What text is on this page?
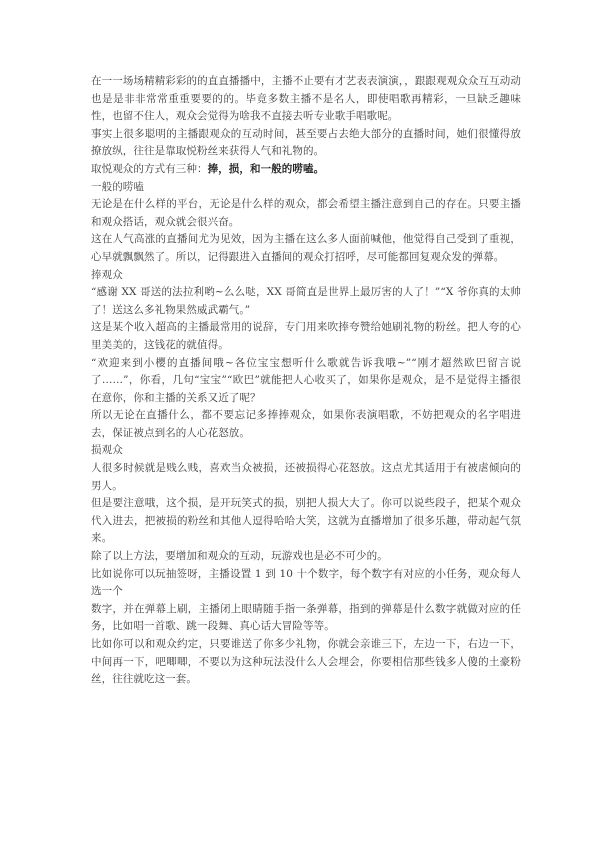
在一一场场精精彩彩的的直直播播中，主播不止要有才艺表表演演，，跟跟观观众众互互动动也是是非非常常重重要要的的。毕竟多数主播不是名人，即使唱歌再精彩，一旦缺乏趣味性，也留不住人，观众会觉得为啥我不直接去听专业歌手唱歌呢。

事实上很多聪明的主播跟观众的互动时间，甚至要占去绝大部分的直播时间，她们很懂得放撩放纵，往往是靠取悦粉丝来获得人气和礼物的。

取悦观众的方式有三种：捧，损，和一般的唠嗑。

一般的唠嗑

无论是在什么样的平台，无论是什么样的观众，都会希望主播注意到自己的存在。只要主播和观众搭话，观众就会很兴奋。

这在人气高涨的直播间尤为见效，因为主播在这么多人面前喊他，他觉得自己受到了重视，心早就飘飘然了。所以，记得跟进入直播间的观众打招呼，尽可能都回复观众发的弹幕。

捧观众

“感谢 XX 哥送的法拉利哟~么么哒，XX 哥简直是世界上最厉害的人了！”“X 爷你真的太帅了！送这么多礼物果然威武霸气。”

这是某个收入超高的主播最常用的说辞，专门用来吹捧夸赞给她刷礼物的粉丝。把人夸的心里美美的，这钱花的就值得。

“欢迎来到小樱的直播间哦~各位宝宝想听什么歌就告诉我哦~”“刚才超然欧巴留言说了……”，你看，几句“宝宝”“欧巴”就能把人心收买了，如果你是观众，是不是觉得主播很在意你，你和主播的关系又近了呢？

所以无论在直播什么，都不要忘记多捧捧观众，如果你表演唱歌，不妨把观众的名字唱进去，保证被点到名的人心花怒放。

损观众

人很多时候就是贱么贱，喜欢当众被损，还被损得心花怒放。这点尤其适用于有被虐倾向的男人。

但是要注意哦，这个损，是开玩笑式的损，别把人损大大了。你可以说些段子，把某个观众代入进去，把被损的粉丝和其他人逗得哈哈大笑，这就为直播增加了很多乐趣，带动起气氛来。

除了以上方法，要增加和观众的互动，玩游戏也是必不可少的。

比如说你可以玩抽签呀，主播设置 1 到 10 十个数字，每个数字有对应的小任务，观众每人选一个

数字，并在弹幕上刷，主播闭上眼睛随手指一条弹幕，指到的弹幕是什么数字就做对应的任务，比如唱一首歌、跳一段舞、真心话大冒险等等。

比如你可以和观众约定，只要谁送了你多少礼物，你就会亲谁三下，左边一下，右边一下，中间再一下，吧唧唧，不要以为这种玩法没什么人会埋会，你要相信那些钱多人傻的土豪粉丝，往往就吃这一套。
